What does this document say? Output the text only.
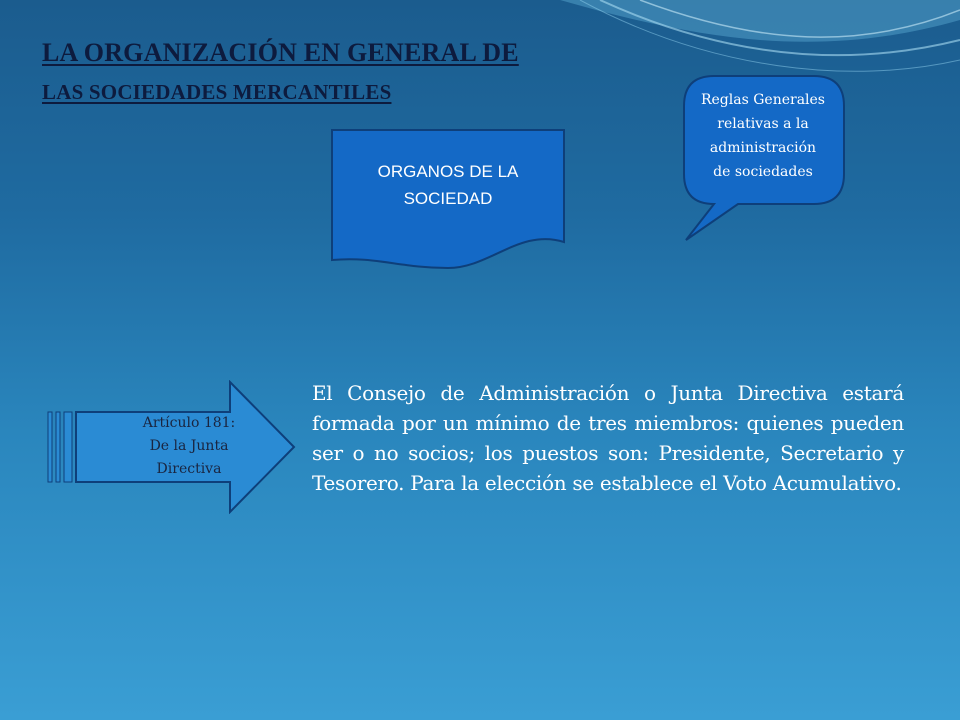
LA ORGANIZACIÓN EN GENERAL DE
LAS SOCIEDADES MERCANTILES
ORGANOS DE LA
SOCIEDAD
Reglas Generales
relativas a la
administración
de sociedades
Artículo 181:
De la Junta
Directiva

El Consejo de Administración o Junta Directiva estará formada por un mínimo de tres miembros: quienes pueden ser o no socios; los puestos son: Presidente, Secretario y Tesorero. Para la elección se establece el Voto Acumulativo.
